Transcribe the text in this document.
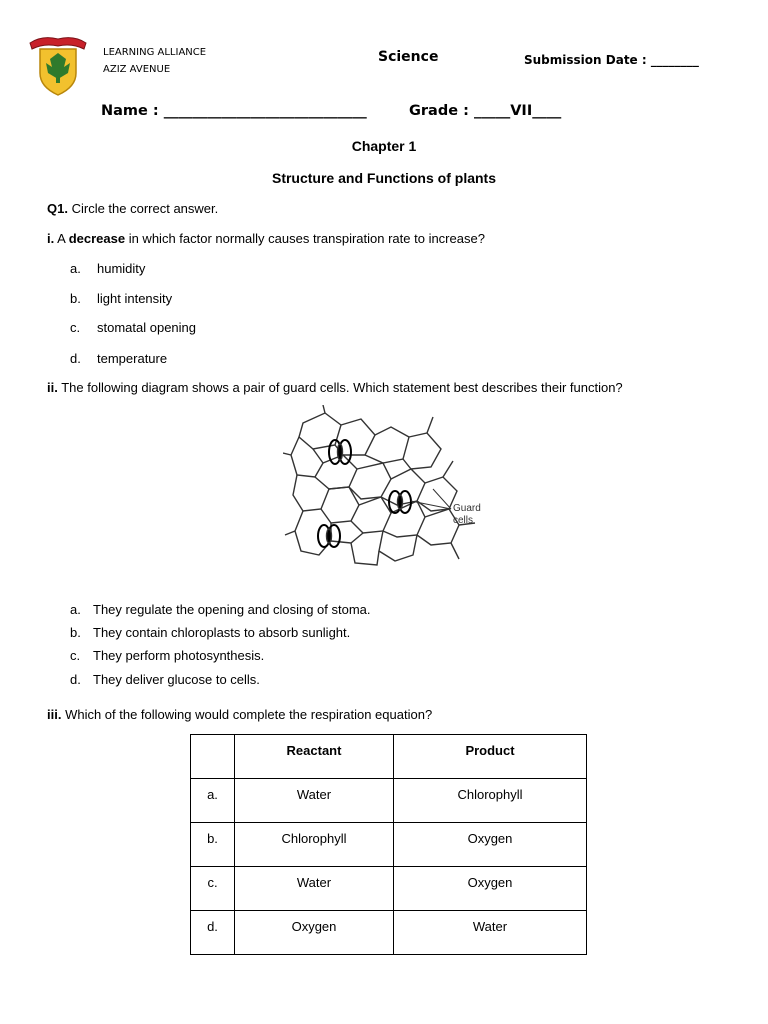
LEARNING ALLIANCE
AZIZ AVENUE
Science	Submission Date : ________
Name : ____________________________	Grade : _____VII____
Chapter 1
Structure and Functions of plants
Q1. Circle the correct answer.
i. A decrease in which factor normally causes transpiration rate to increase?
a. humidity
b. light intensity
c. stomatal opening
d. temperature
ii. The following diagram shows a pair of guard cells. Which statement best describes their function?
Guard
cells
a. They regulate the opening and closing of stoma.
b. They contain chloroplasts to absorb sunlight.
c. They perform photosynthesis.
d. They deliver glucose to cells.
iii. Which of the following would complete the respiration equation?
	Reactant	Product
a.	Water	Chlorophyll
b.	Chlorophyll	Oxygen
c.	Water	Oxygen
d.	Oxygen	Water
